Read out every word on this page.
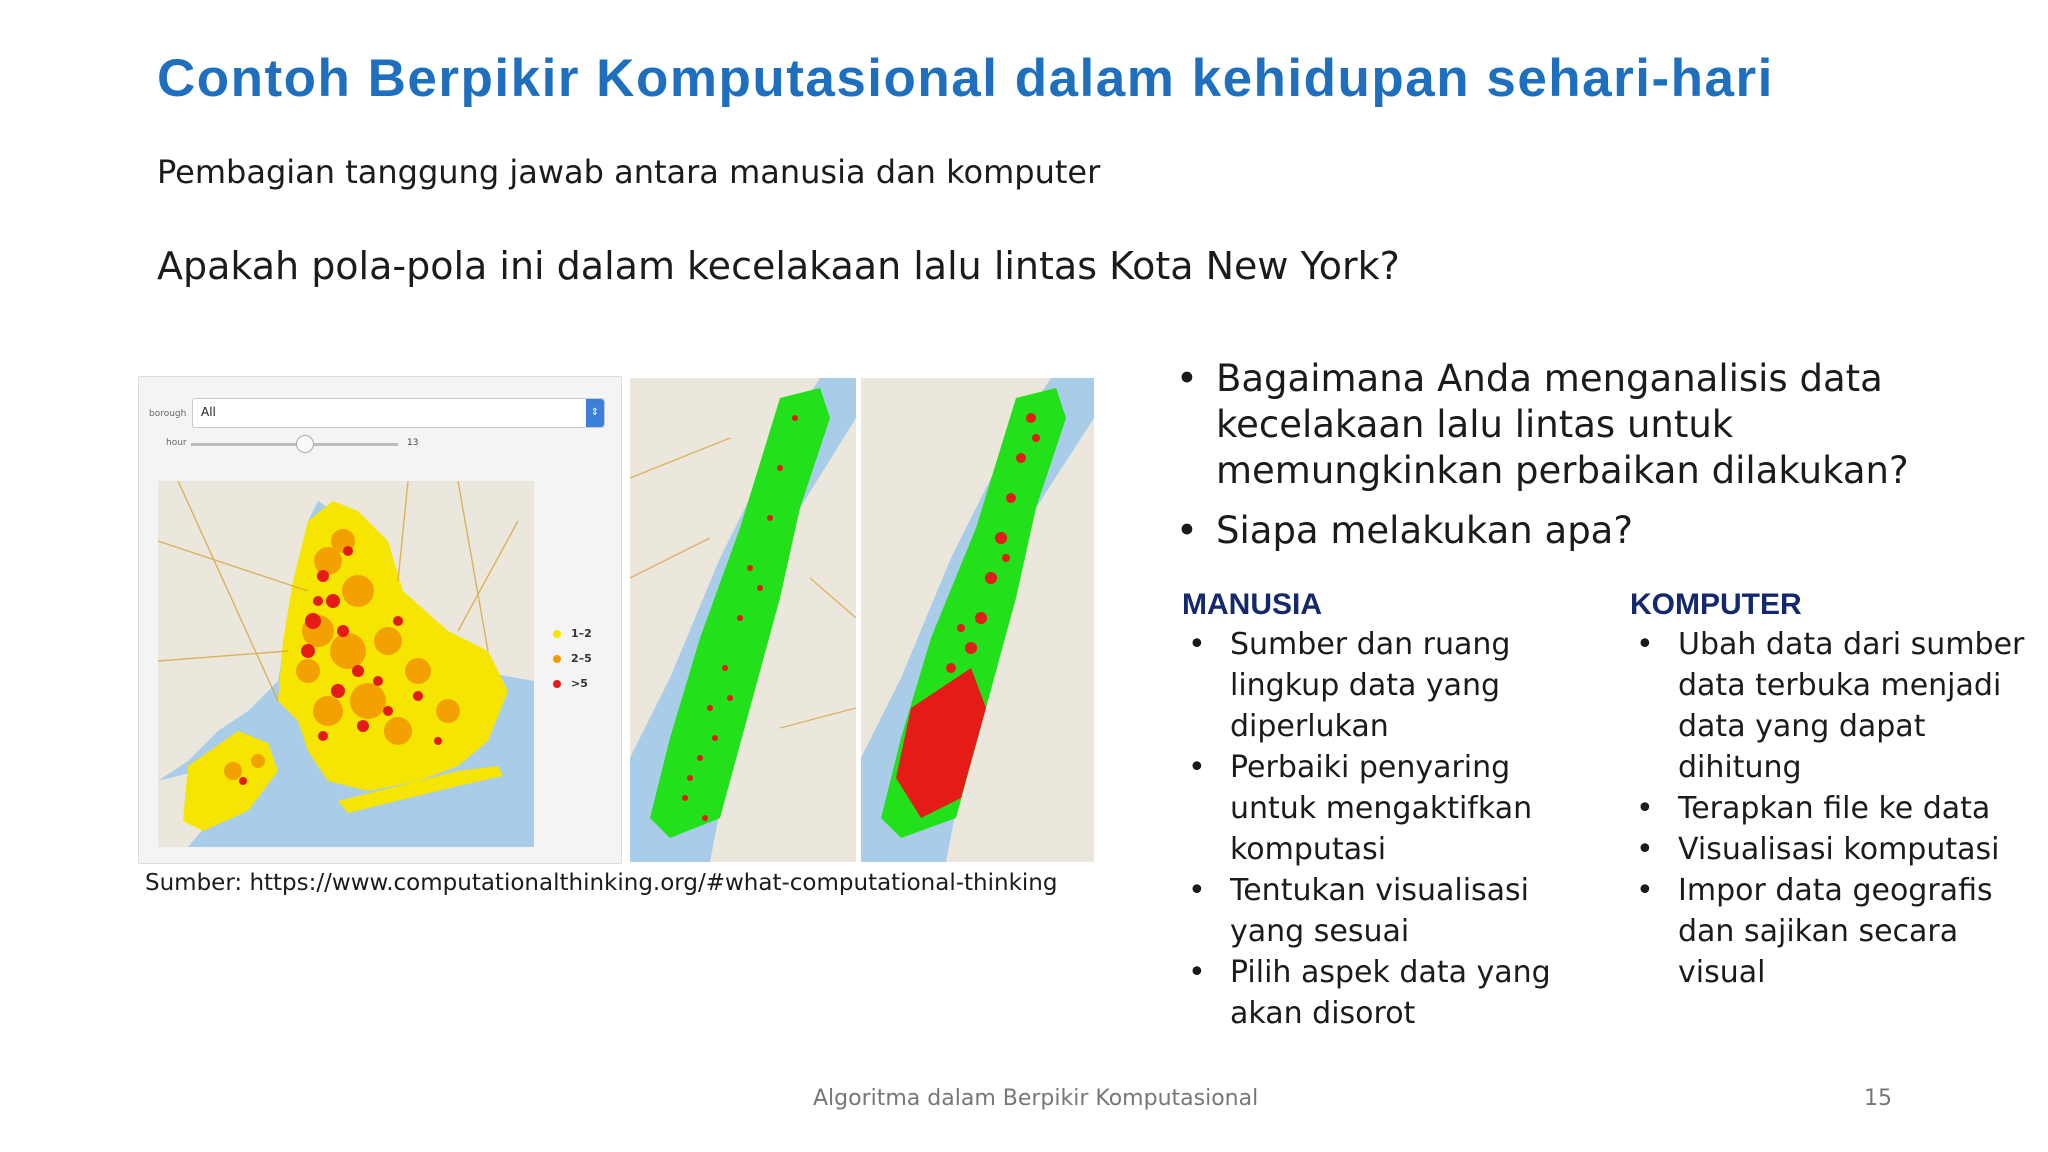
Contoh Berpikir Komputasional dalam kehidupan sehari-hari
Pembagian tanggung jawab antara manusia dan komputer
Apakah pola-pola ini dalam kecelakaan lalu lintas Kota New York?
borough	All	⇕
hour	13
1–2
2–5
>5
Sumber: https://www.computationalthinking.org/#what-computational-thinking
• Bagaimana Anda menganalisis data kecelakaan lalu lintas untuk memungkinkan perbaikan dilakukan?
• Siapa melakukan apa?
MANUSIA
• Sumber dan ruang lingkup data yang diperlukan
• Perbaiki penyaring untuk mengaktifkan komputasi
• Tentukan visualisasi yang sesuai
• Pilih aspek data yang akan disorot
KOMPUTER
• Ubah data dari sumber data terbuka menjadi data yang dapat dihitung
• Terapkan file ke data
• Visualisasi komputasi
• Impor data geografis dan sajikan secara visual
Algoritma dalam Berpikir Komputasional	15
